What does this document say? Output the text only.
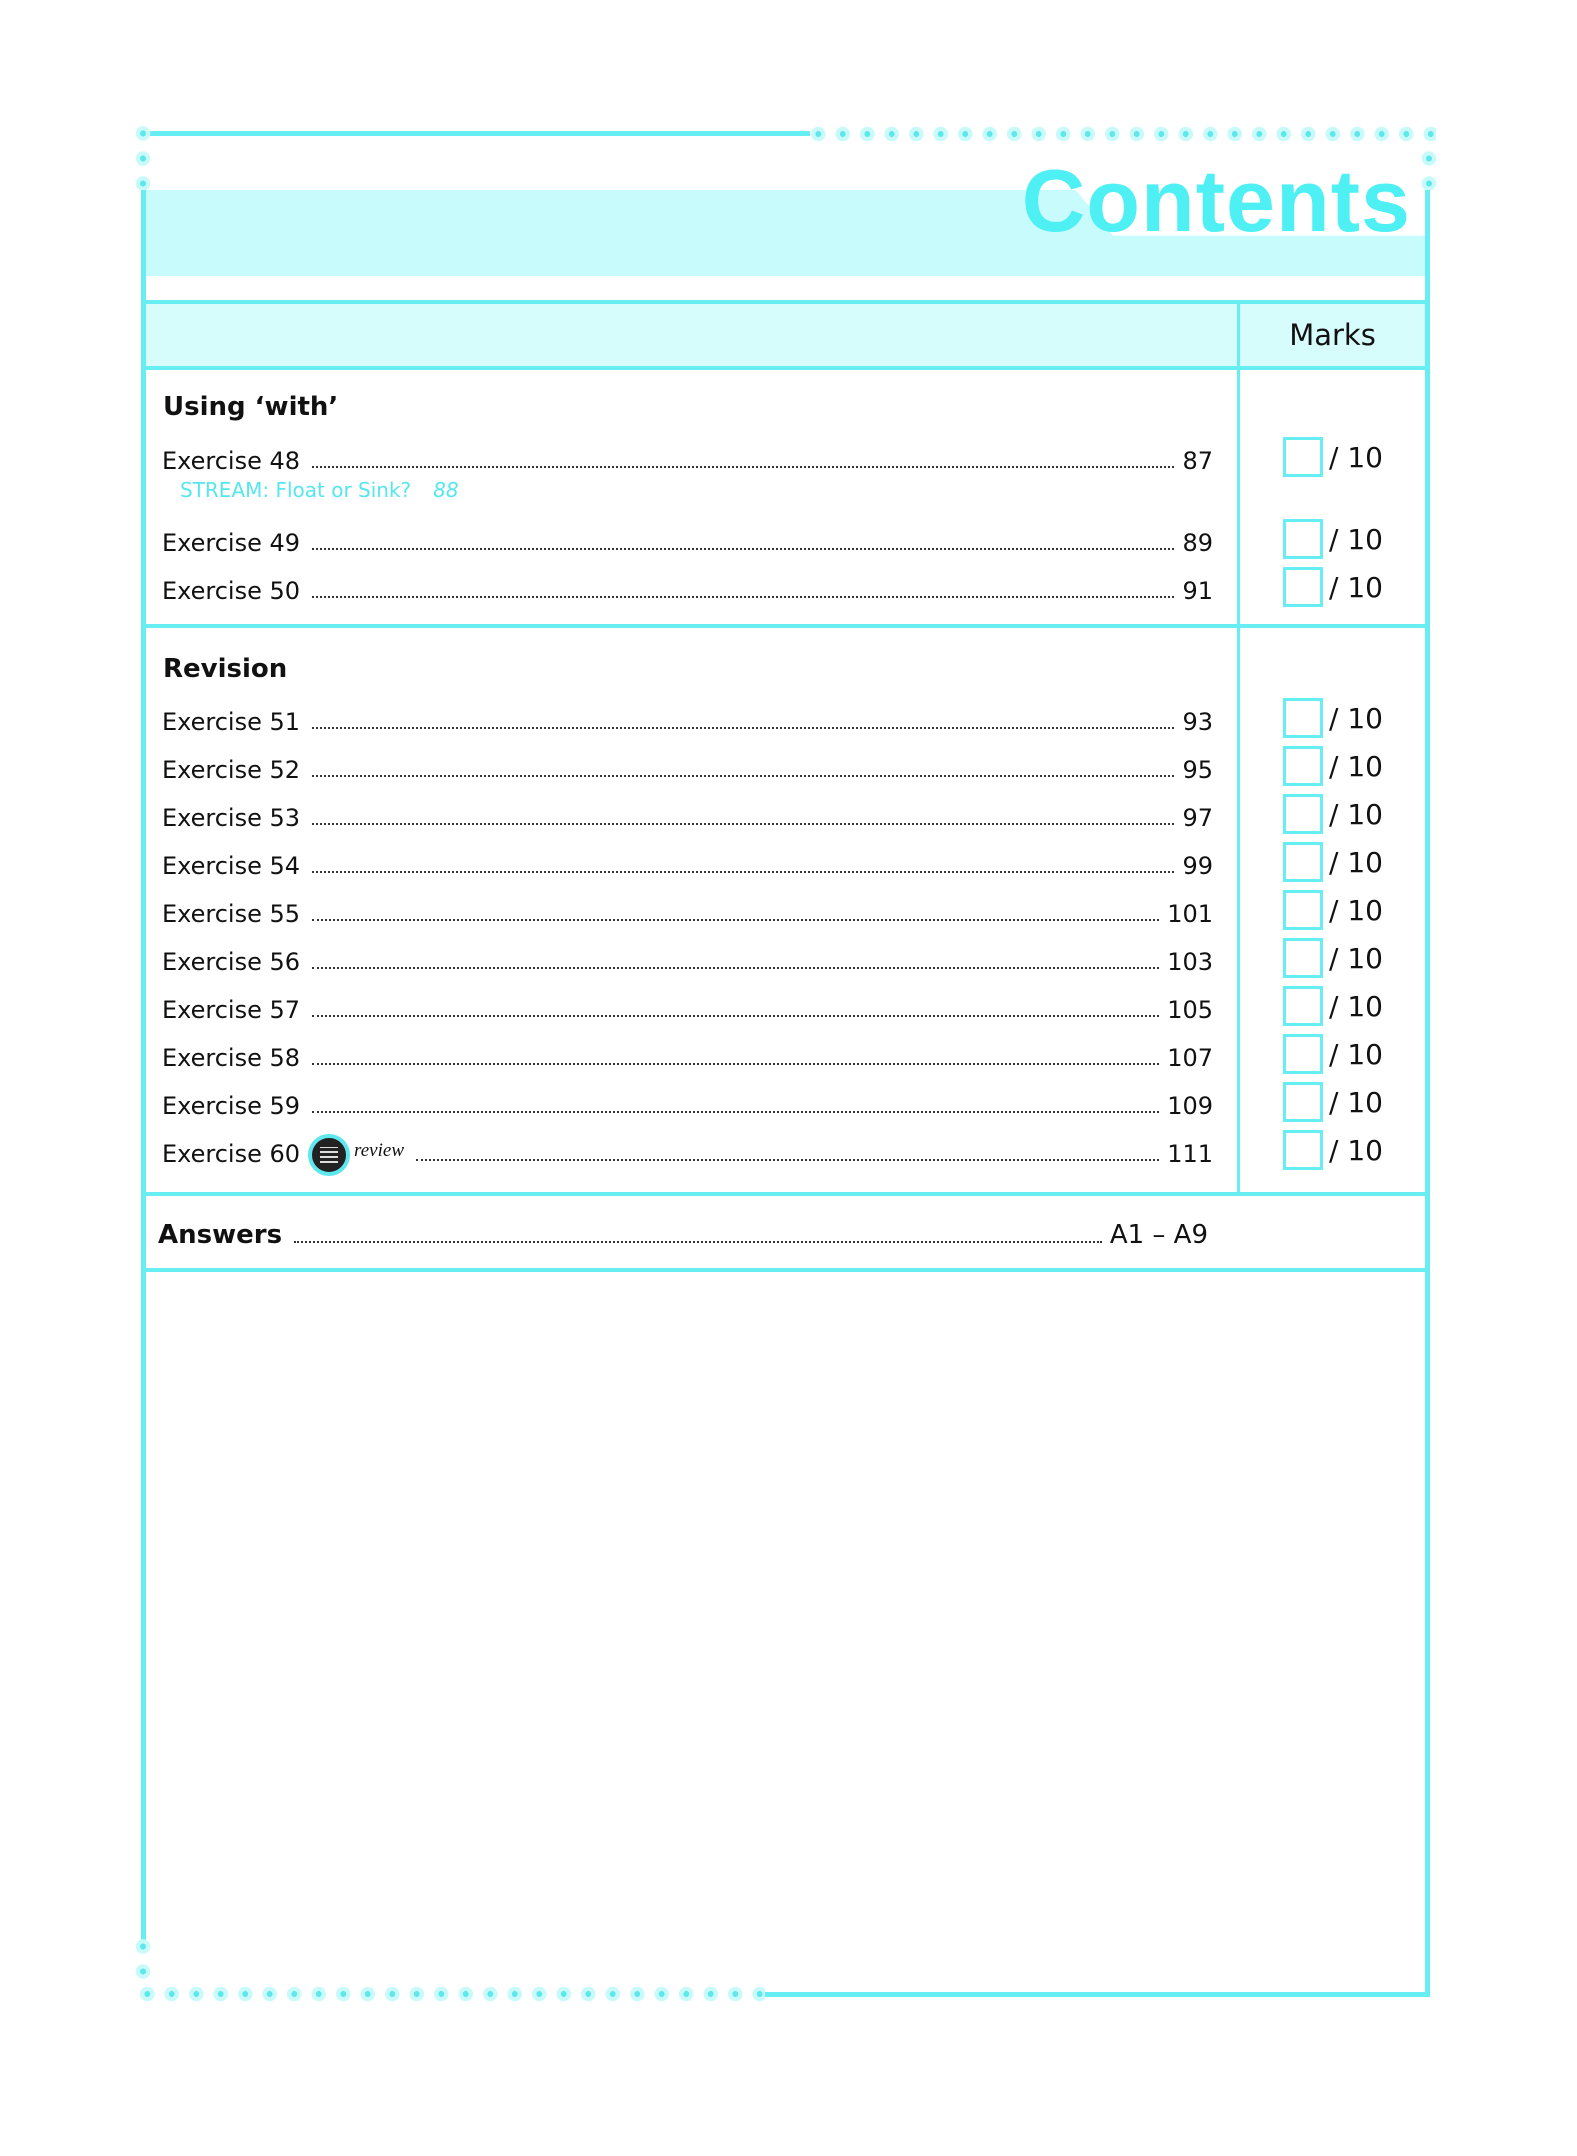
Contents
Marks
Using ‘with’
Revision
STREAM: Float or Sink? 88
Exercise 48	87	/ 10
Exercise 49	89	/ 10
Exercise 50	91	/ 10
Exercise 51	93	/ 10
Exercise 52	95	/ 10
Exercise 53	97	/ 10
Exercise 54	99	/ 10
Exercise 55	101	/ 10
Exercise 56	103	/ 10
Exercise 57	105	/ 10
Exercise 58	107	/ 10
Exercise 59	109	/ 10
Exercise 60	review	111	/ 10
Answers	A1 – A9
